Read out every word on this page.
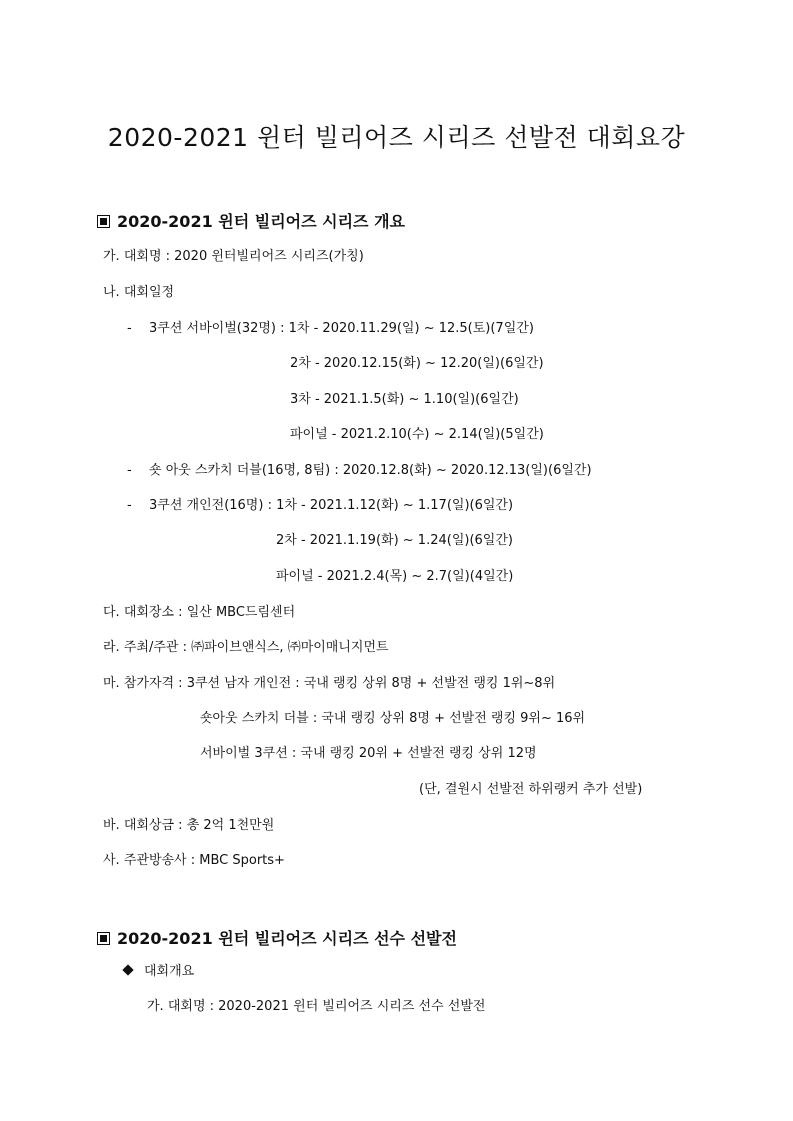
2020-2021 윈터 빌리어즈 시리즈 선발전 대회요강
2020-2021 윈터 빌리어즈 시리즈 개요
가. 대회명 : 2020 윈터빌리어즈 시리즈(가칭)
나. 대회일정
- 3쿠션 서바이벌(32명) : 1차 - 2020.11.29(일) ~ 12.5(토)(7일간)
2차 - 2020.12.15(화) ~ 12.20(일)(6일간)
3차 - 2021.1.5(화) ~ 1.10(일)(6일간)
파이널 - 2021.2.10(수) ~ 2.14(일)(5일간)
- 숏 아웃 스카치 더블(16명, 8팀) : 2020.12.8(화) ~ 2020.12.13(일)(6일간)
- 3쿠션 개인전(16명) : 1차 - 2021.1.12(화) ~ 1.17(일)(6일간)
2차 - 2021.1.19(화) ~ 1.24(일)(6일간)
파이널 - 2021.2.4(목) ~ 2.7(일)(4일간)
다. 대회장소 : 일산 MBC드림센터
라. 주최/주관 : ㈜파이브앤식스, ㈜마이매니지먼트
마. 참가자격 : 3쿠션 남자 개인전 : 국내 랭킹 상위 8명 + 선발전 랭킹 1위~8위
숏아웃 스카치 더블 : 국내 랭킹 상위 8명 + 선발전 랭킹 9위~ 16위
서바이벌 3쿠션 : 국내 랭킹 20위 + 선발전 랭킹 상위 12명
(단, 결원시 선발전 하위랭커 추가 선발)
바. 대회상금 : 총 2억 1천만원
사. 주관방송사 : MBC Sports+
2020-2021 윈터 빌리어즈 시리즈 선수 선발전
대회개요
가. 대회명 : 2020-2021 윈터 빌리어즈 시리즈 선수 선발전
